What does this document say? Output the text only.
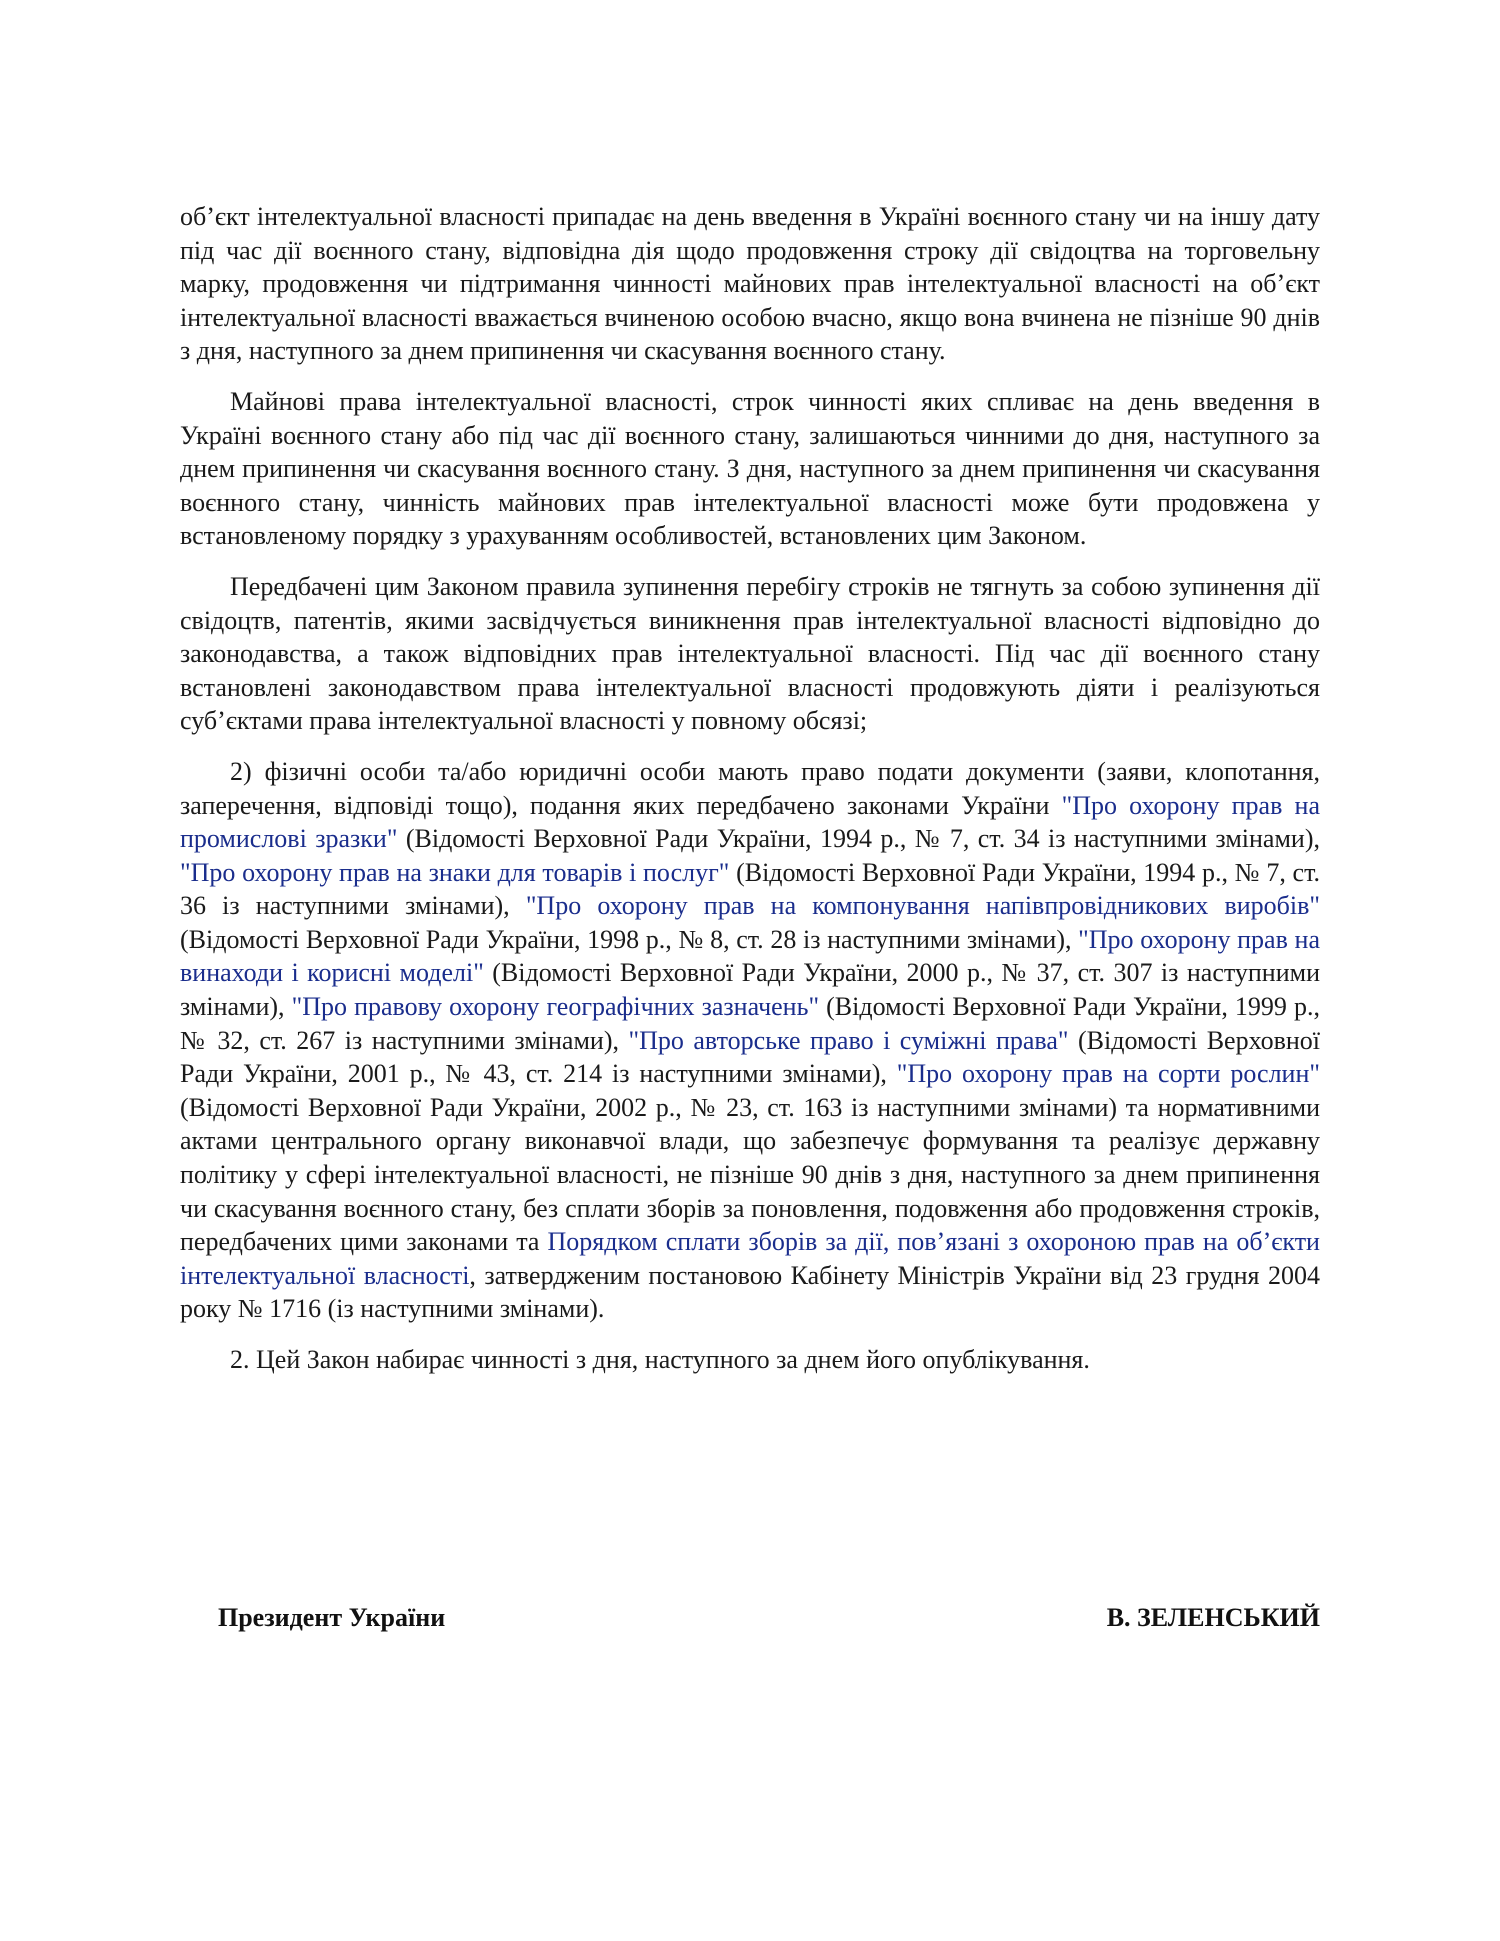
об’єкт інтелектуальної власності припадає на день введення в Україні воєнного стану чи на іншу дату під час дії воєнного стану, відповідна дія щодо продовження строку дії свідоцтва на торговельну марку, продовження чи підтримання чинності майнових прав інтелектуальної власності на об’єкт інтелектуальної власності вважається вчиненою особою вчасно, якщо вона вчинена не пізніше 90 днів з дня, наступного за днем припинення чи скасування воєнного стану.

Майнові права інтелектуальної власності, строк чинності яких спливає на день введення в Україні воєнного стану або під час дії воєнного стану, залишаються чинними до дня, наступного за днем припинення чи скасування воєнного стану. З дня, наступного за днем припинення чи скасування воєнного стану, чинність майнових прав інтелектуальної власності може бути продовжена у встановленому порядку з урахуванням особливостей, встановлених цим Законом.

Передбачені цим Законом правила зупинення перебігу строків не тягнуть за собою зупинення дії свідоцтв, патентів, якими засвідчується виникнення прав інтелектуальної власності відповідно до законодавства, а також відповідних прав інтелектуальної власності. Під час дії воєнного стану встановлені законодавством права інтелектуальної власності продовжують діяти і реалізуються суб’єктами права інтелектуальної власності у повному обсязі;

2) фізичні особи та/або юридичні особи мають право подати документи (заяви, клопотання, заперечення, відповіді тощо), подання яких передбачено законами України "Про охорону прав на промислові зразки" (Відомості Верховної Ради України, 1994 р., № 7, ст. 34 із наступними змінами), "Про охорону прав на знаки для товарів і послуг" (Відомості Верховної Ради України, 1994 р., № 7, ст. 36 із наступними змінами), "Про охорону прав на компонування напівпровідникових виробів" (Відомості Верховної Ради України, 1998 р., № 8, ст. 28 із наступними змінами), "Про охорону прав на винаходи і корисні моделі" (Відомості Верховної Ради України, 2000 р., № 37, ст. 307 із наступними змінами), "Про правову охорону географічних зазначень" (Відомості Верховної Ради України, 1999 р., № 32, ст. 267 із наступними змінами), "Про авторське право і суміжні права" (Відомості Верховної Ради України, 2001 р., № 43, ст. 214 із наступними змінами), "Про охорону прав на сорти рослин" (Відомості Верховної Ради України, 2002 р., № 23, ст. 163 із наступними змінами) та нормативними актами центрального органу виконавчої влади, що забезпечує формування та реалізує державну політику у сфері інтелектуальної власності, не пізніше 90 днів з дня, наступного за днем припинення чи скасування воєнного стану, без сплати зборів за поновлення, подовження або продовження строків, передбачених цими законами та Порядком сплати зборів за дії, пов’язані з охороною прав на об’єкти інтелектуальної власності, затвердженим постановою Кабінету Міністрів України від 23 грудня 2004 року № 1716 (із наступними змінами).

2. Цей Закон набирає чинності з дня, наступного за днем його опублікування.

Президент України	В. ЗЕЛЕНСЬКИЙ
